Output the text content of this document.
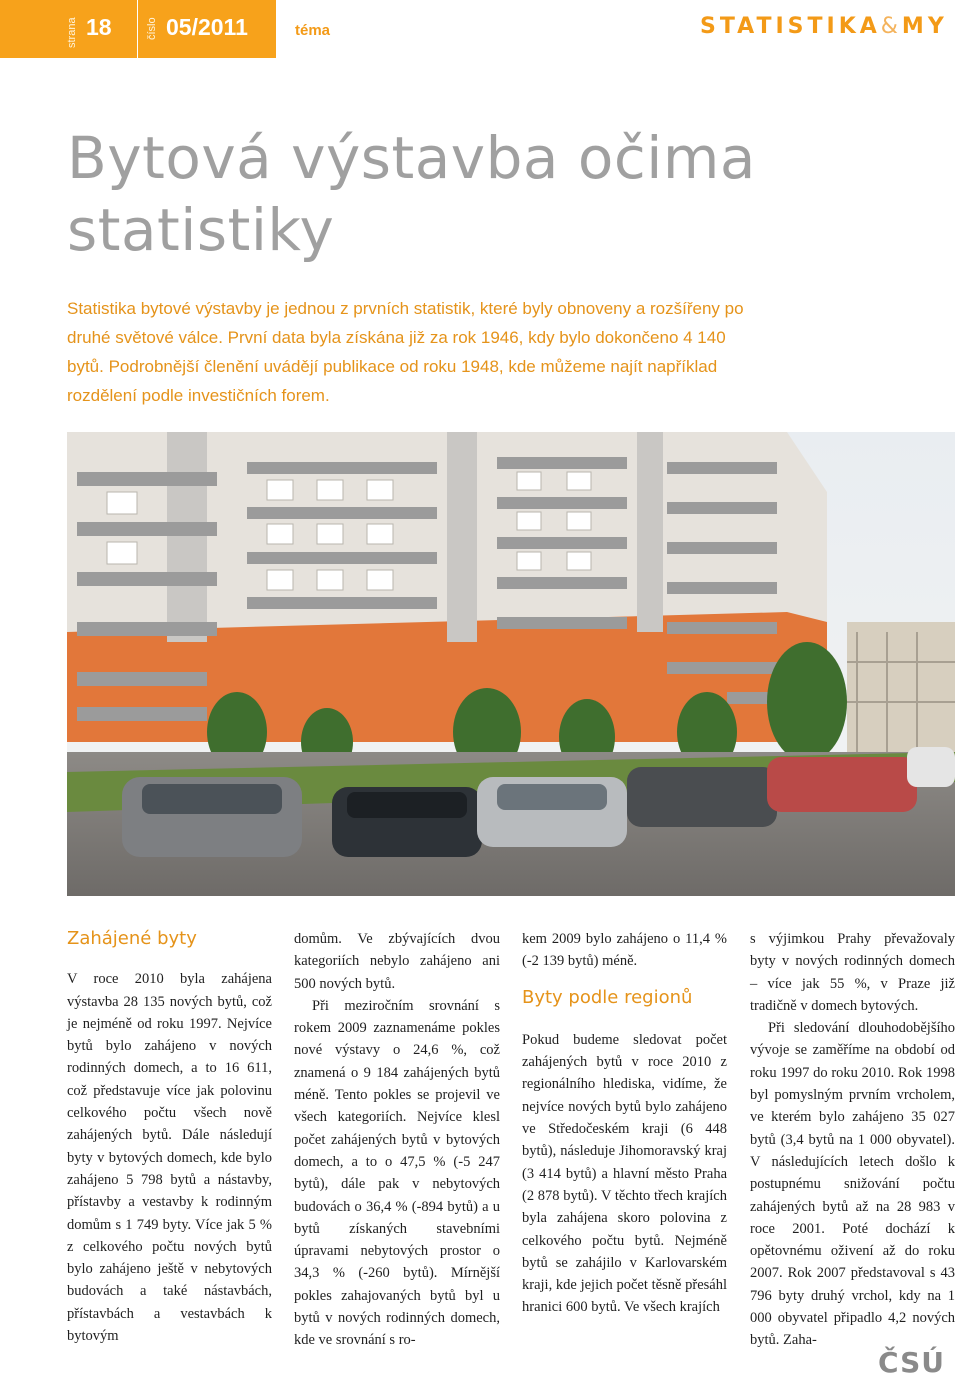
strana 18	číslo 05/2011	téma	STATISTIKA&MY
Bytová výstavba očima
statistiky

Statistika bytové výstavby je jednou z prvních statistik, které byly obnoveny a rozšířeny po druhé světové válce. První data byla získána již za rok 1946, kdy bylo dokončeno 4 140 bytů. Podrobnější členění uvádějí publikace od roku 1948, kde můžeme najít například rozdělení podle investičních forem.

Zahájené byty

V roce 2010 byla zahájena výstavba 28 135 nových bytů, což je nejméně od roku 1997. Nejvíce bytů bylo zahájeno v nových rodinných domech, a to 16 611, což představuje více jak polovinu celkového počtu všech nově zahájených bytů. Dále následují byty v bytových domech, kde bylo zahájeno 5 798 bytů a nástavby, přístavby a vestavby k rodinným domům s 1 749 byty. Více jak 5 % z celkového počtu nových bytů bylo zahájeno ještě v nebytových budovách a také nástavbách, přístavbách a vestavbách k bytovým

domům. Ve zbývajících dvou kategoriích nebylo zahájeno ani 500 nových bytů.

Při meziročním srovnání s rokem 2009 zaznamenáme pokles nové výstavy o 24,6 %, což znamená o 9 184 zahájených bytů méně. Tento pokles se projevil ve všech kategoriích. Nejvíce klesl počet zahájených bytů v bytových domech, a to o 47,5 % (-5 247 bytů), dále pak v nebytových budovách o 36,4 % (-894 bytů) a u bytů získaných stavebními úpravami nebytových prostor o 34,3 % (-260 bytů). Mírnější pokles zahajovaných bytů byl u bytů v nových rodinných domech, kde ve srovnání s ro-

kem 2009 bylo zahájeno o 11,4 % (-2 139 bytů) méně.

Byty podle regionů

Pokud budeme sledovat počet zahájených bytů v roce 2010 z regionálního hlediska, vidíme, že nejvíce nových bytů bylo zahájeno ve Středočeském kraji (6 448 bytů), následuje Jihomoravský kraj (3 414 bytů) a hlavní město Praha (2 878 bytů). V těchto třech krajích byla zahájena skoro polovina z celkového počtu bytů. Nejméně bytů se zahájilo v Karlovarském kraji, kde jejich počet těsně přesáhl hranici 600 bytů. Ve všech krajích

s výjimkou Prahy převažovaly byty v nových rodinných domech – více jak 55 %, v Praze již tradičně v domech bytových.

Při sledování dlouhodobějšího vývoje se zaměříme na období od roku 1997 do roku 2010. Rok 1998 byl pomyslným prvním vrcholem, ve kterém bylo zahájeno 35 027 bytů (3,4 bytů na 1 000 obyvatel). V následujících letech došlo k postupnému snižování počtu zahájených bytů až na 28 983 v roce 2001. Poté dochází k opětovnému oživení až do roku 2007. Rok 2007 představoval s 43 796 byty druhý vrchol, kdy na 1 000 obyvatel připadlo 4,2 nových bytů. Zaha-

ČSÚ
